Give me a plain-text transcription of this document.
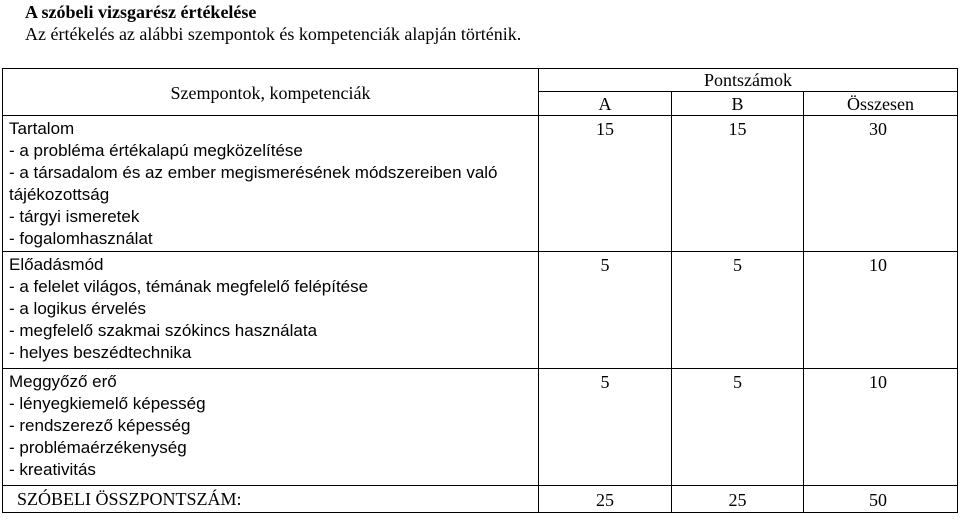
A szóbeli vizsgarész értékelése
Az értékelés az alábbi szempontok és kompetenciák alapján történik.
Szempontok, kompetenciák	Pontszámok		
	A	B	Összesen

Tartalom
- a probléma értékalapú megközelítése
- a társadalom és az ember megismerésének módszereiben való tájékozottság
- tárgyi ismeretek
- fogalomhasználat	15	15	30

Előadásmód
- a felelet világos, témának megfelelő felépítése
- a logikus érvelés
- megfelelő szakmai szókincs használata
- helyes beszédtechnika	5	5	10

Meggyőző erő
- lényegkiemelő képesség
- rendszerező képesség
- problémaérzékenység
- kreativitás	5	5	10
SZÓBELI ÖSSZPONTSZÁM:	25	25	50
